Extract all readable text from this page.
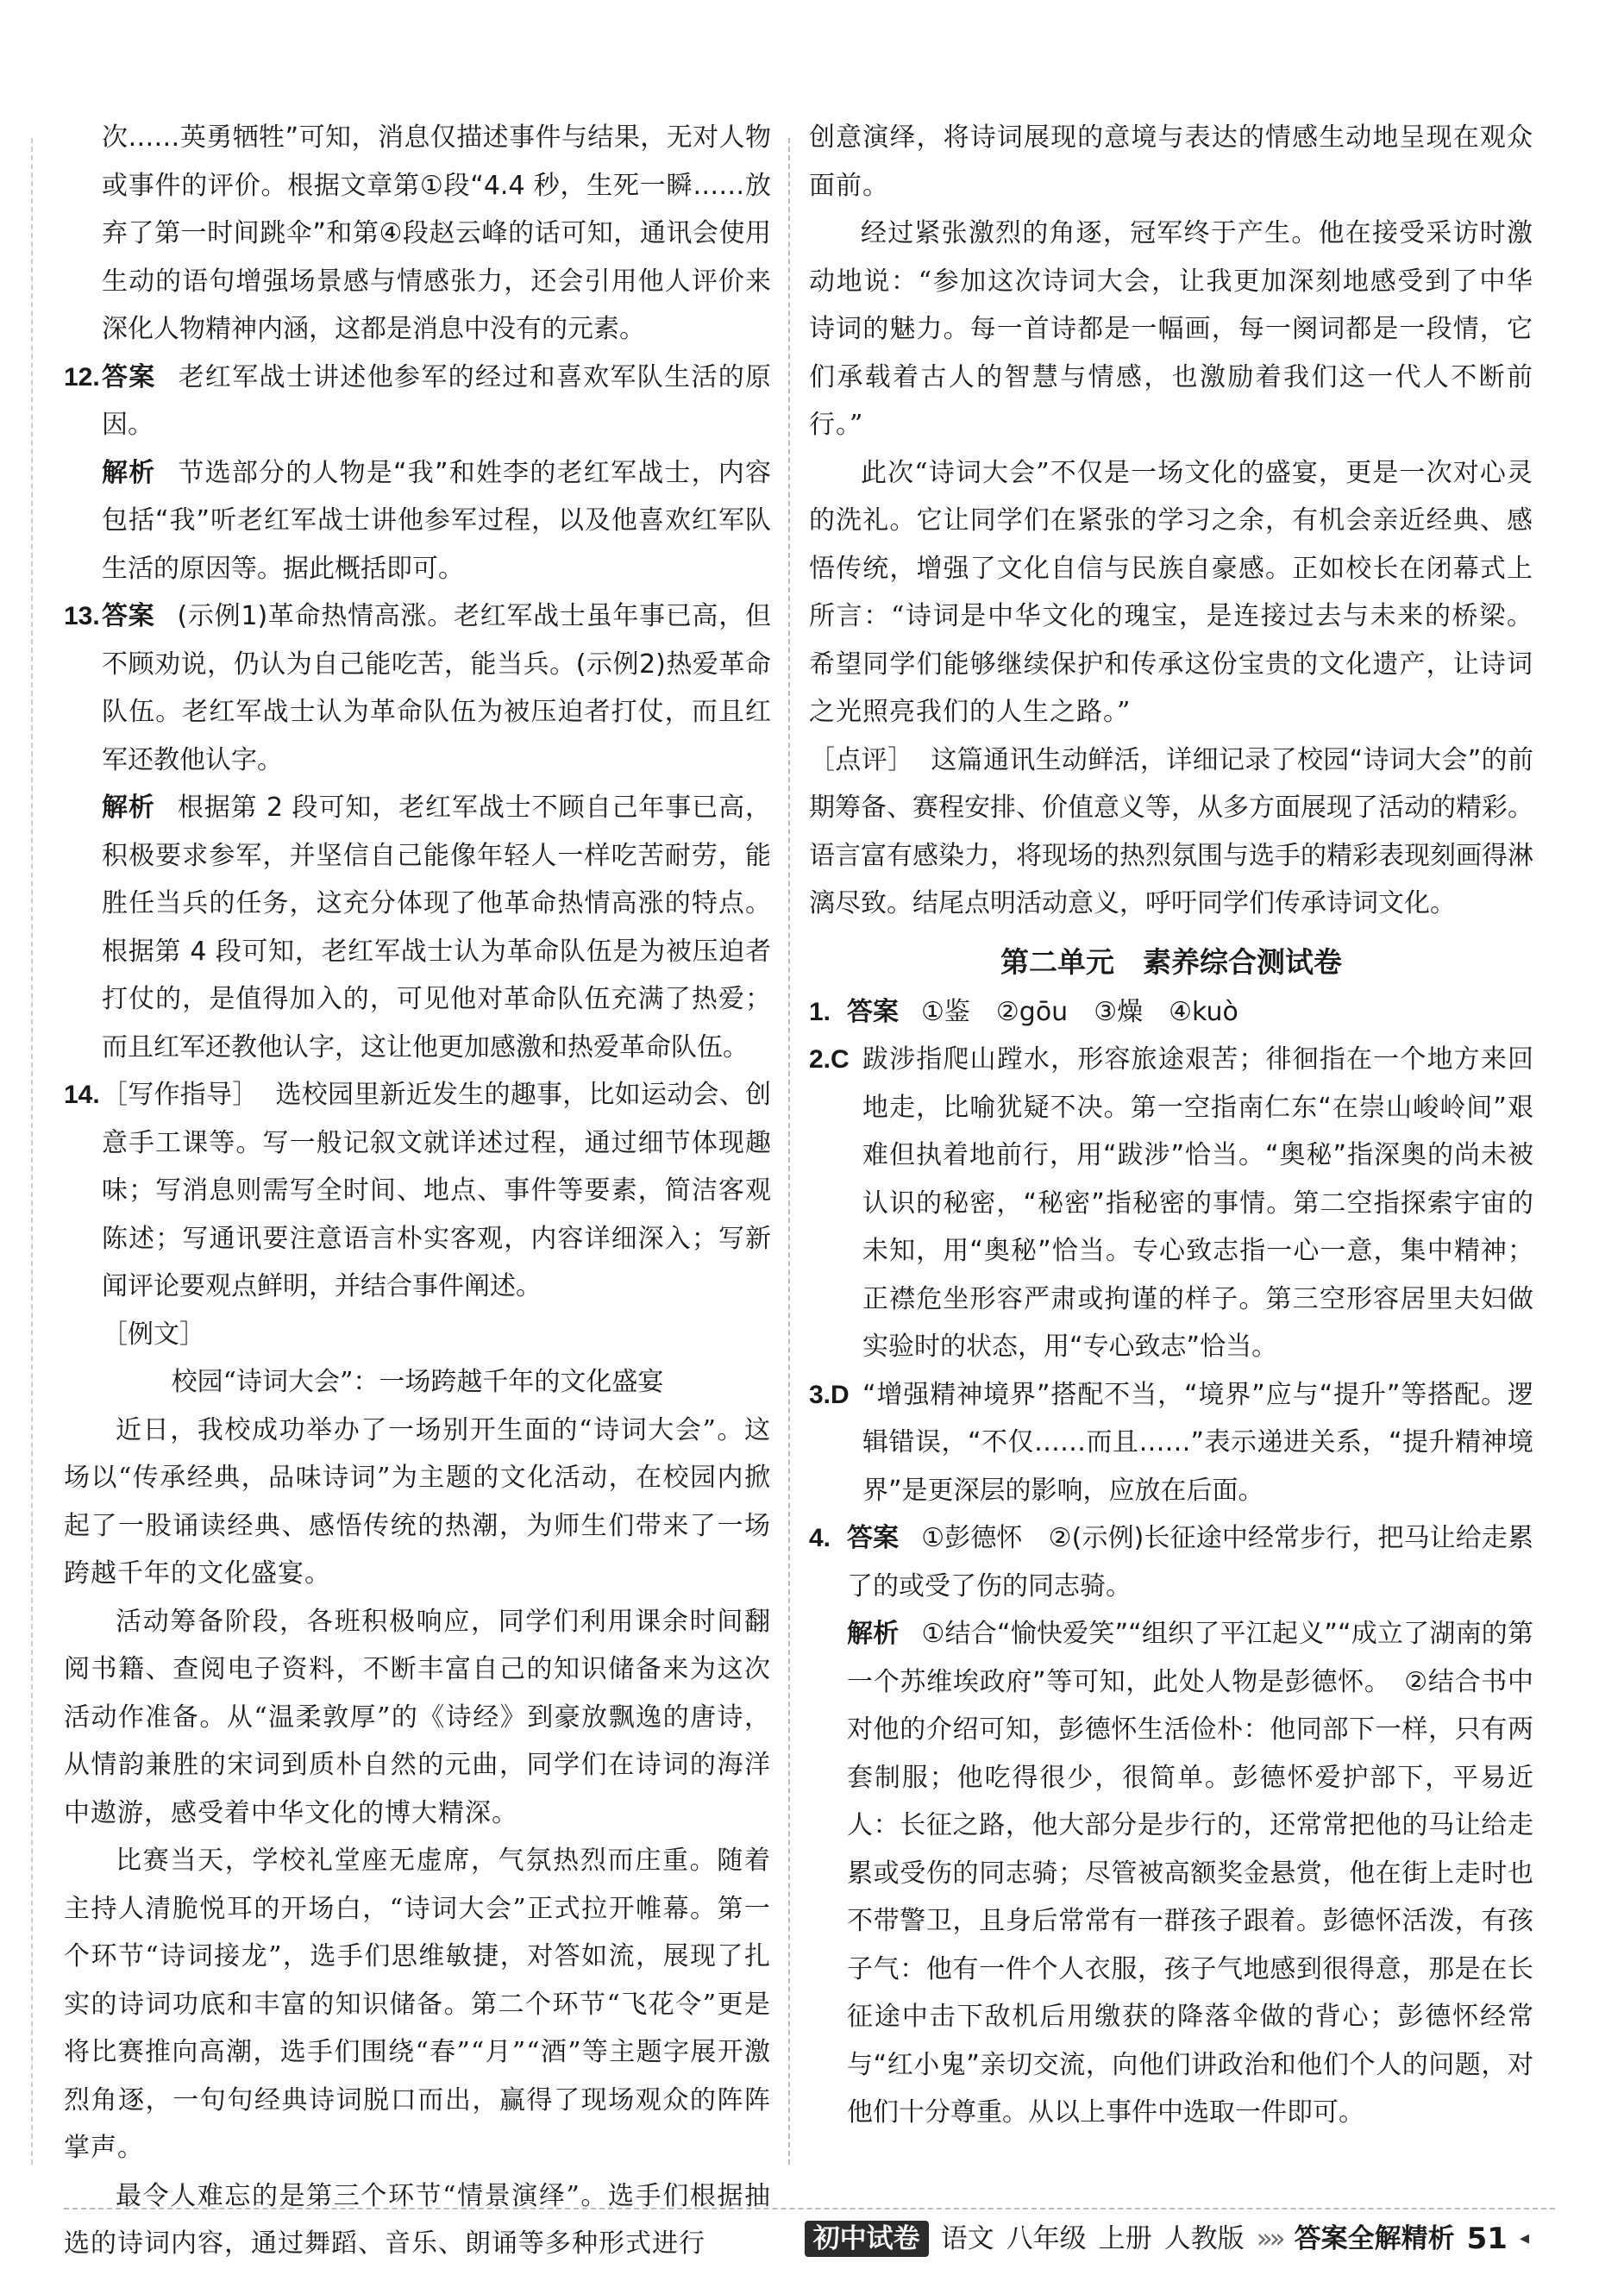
次……英勇牺牲”可知，消息仅描述事件与结果，无对人物或事件的评价。根据文章第①段“4.4 秒，生死一瞬……放弃了第一时间跳伞”和第④段赵云峰的话可知，通讯会使用生动的语句增强场景感与情感张力，还会引用他人评价来深化人物精神内涵，这都是消息中没有的元素。

12. 答案 老红军战士讲述他参军的经过和喜欢军队生活的原因。
解析 节选部分的人物是“我”和姓李的老红军战士，内容包括“我”听老红军战士讲他参军过程，以及他喜欢红军队生活的原因等。据此概括即可。
13. 答案 (示例1)革命热情高涨。老红军战士虽年事已高，但不顾劝说，仍认为自己能吃苦，能当兵。(示例2)热爱革命队伍。老红军战士认为革命队伍为被压迫者打仗，而且红军还教他认字。
解析 根据第 2 段可知，老红军战士不顾自己年事已高，积极要求参军，并坚信自己能像年轻人一样吃苦耐劳，能胜任当兵的任务，这充分体现了他革命热情高涨的特点。根据第 4 段可知，老红军战士认为革命队伍是为被压迫者打仗的，是值得加入的，可见他对革命队伍充满了热爱；而且红军还教他认字，这让他更加感激和热爱革命队伍。
14. ［写作指导］ 选校园里新近发生的趣事，比如运动会、创意手工课等。写一般记叙文就详述过程，通过细节体现趣味；写消息则需写全时间、地点、事件等要素，简洁客观陈述；写通讯要注意语言朴实客观，内容详细深入；写新闻评论要观点鲜明，并结合事件阐述。
［例文］
校园“诗词大会”：一场跨越千年的文化盛宴

近日，我校成功举办了一场别开生面的“诗词大会”。这场以“传承经典，品味诗词”为主题的文化活动，在校园内掀起了一股诵读经典、感悟传统的热潮，为师生们带来了一场跨越千年的文化盛宴。

活动筹备阶段，各班积极响应，同学们利用课余时间翻阅书籍、查阅电子资料，不断丰富自己的知识储备来为这次活动作准备。从“温柔敦厚”的《诗经》到豪放飘逸的唐诗，从情韵兼胜的宋词到质朴自然的元曲，同学们在诗词的海洋中遨游，感受着中华文化的博大精深。

比赛当天，学校礼堂座无虚席，气氛热烈而庄重。随着主持人清脆悦耳的开场白，“诗词大会”正式拉开帷幕。第一个环节“诗词接龙”，选手们思维敏捷，对答如流，展现了扎实的诗词功底和丰富的知识储备。第二个环节“飞花令”更是将比赛推向高潮，选手们围绕“春”“月”“酒”等主题字展开激烈角逐，一句句经典诗词脱口而出，赢得了现场观众的阵阵掌声。

最令人难忘的是第三个环节“情景演绎”。选手们根据抽选的诗词内容，通过舞蹈、音乐、朗诵等多种形式进行

创意演绎，将诗词展现的意境与表达的情感生动地呈现在观众面前。

经过紧张激烈的角逐，冠军终于产生。他在接受采访时激动地说：“参加这次诗词大会，让我更加深刻地感受到了中华诗词的魅力。每一首诗都是一幅画，每一阕词都是一段情，它们承载着古人的智慧与情感，也激励着我们这一代人不断前行。”

此次“诗词大会”不仅是一场文化的盛宴，更是一次对心灵的洗礼。它让同学们在紧张的学习之余，有机会亲近经典、感悟传统，增强了文化自信与民族自豪感。正如校长在闭幕式上所言：“诗词是中华文化的瑰宝，是连接过去与未来的桥梁。希望同学们能够继续保护和传承这份宝贵的文化遗产，让诗词之光照亮我们的人生之路。”

［点评］ 这篇通讯生动鲜活，详细记录了校园“诗词大会”的前期筹备、赛程安排、价值意义等，从多方面展现了活动的精彩。语言富有感染力，将现场的热烈氛围与选手的精彩表现刻画得淋漓尽致。结尾点明活动意义，呼吁同学们传承诗词文化。

第二单元　素养综合测试卷
1. 答案 ①鉴　②gōu　③燥　④kuò
2.C 跋涉指爬山蹚水，形容旅途艰苦；徘徊指在一个地方来回地走，比喻犹疑不决。第一空指南仁东“在崇山峻岭间”艰难但执着地前行，用“跋涉”恰当。“奥秘”指深奥的尚未被认识的秘密，“秘密”指秘密的事情。第二空指探索宇宙的未知，用“奥秘”恰当。专心致志指一心一意，集中精神；正襟危坐形容严肃或拘谨的样子。第三空形容居里夫妇做实验时的状态，用“专心致志”恰当。
3.D “增强精神境界”搭配不当，“境界”应与“提升”等搭配。逻辑错误，“不仅……而且……”表示递进关系，“提升精神境界”是更深层的影响，应放在后面。
4. 答案 ①彭德怀　②(示例)长征途中经常步行，把马让给走累了的或受了伤的同志骑。
解析 ①结合“愉快爱笑”“组织了平江起义”“成立了湖南的第一个苏维埃政府”等可知，此处人物是彭德怀。　②结合书中对他的介绍可知，彭德怀生活俭朴：他同部下一样，只有两套制服；他吃得很少，很简单。彭德怀爱护部下，平易近人：长征之路，他大部分是步行的，还常常把他的马让给走累或受伤的同志骑；尽管被高额奖金悬赏，他在街上走时也不带警卫，且身后常常有一群孩子跟着。彭德怀活泼，有孩子气：他有一件个人衣服，孩子气地感到很得意，那是在长征途中击下敌机后用缴获的降落伞做的背心；彭德怀经常与“红小鬼”亲切交流，向他们讲政治和他们个人的问题，对他们十分尊重。从以上事件中选取一件即可。
初中试卷 语文 八年级 上册 人教版 »» 答案全解精析 51 ◂
